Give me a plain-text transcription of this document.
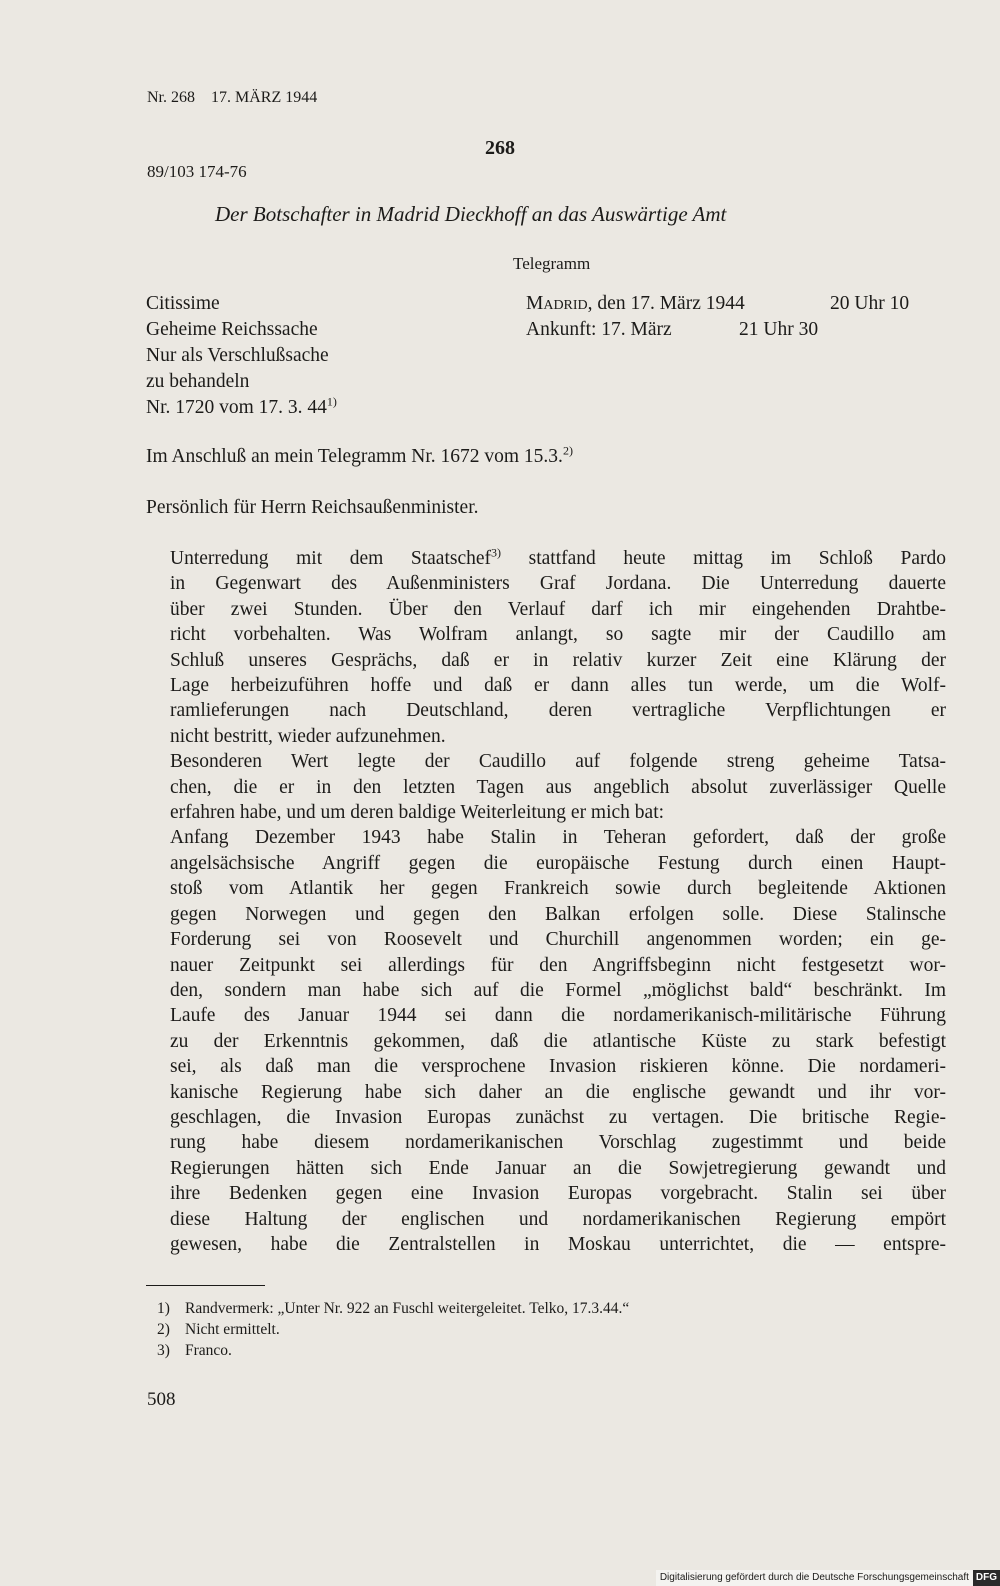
Nr. 268 17. MÄRZ 1944
268
89/103 174-76
Der Botschafter in Madrid Dieckhoff an das Auswärtige Amt
Telegramm
Citissime
Geheime Reichssache
Nur als Verschlußsache
zu behandeln
Nr. 1720 vom 17. 3. 44$^{1)}$
Madrid, den 17. März 1944	20 Uhr 10
Ankunft: 17. März	21 Uhr 30
Im Anschluß an mein Telegramm Nr. 1672 vom 15.3.$^{2)}$
Persönlich für Herrn Reichsaußenminister.

Unterredung mit dem Staatschef$^{3)}$ stattfand heute mittag im Schloß Pardo
in Gegenwart des Außenministers Graf Jordana. Die Unterredung dauerte
über zwei Stunden. Über den Verlauf darf ich mir eingehenden Drahtbe-
richt vorbehalten. Was Wolfram anlangt, so sagte mir der Caudillo am
Schluß unseres Gesprächs, daß er in relativ kurzer Zeit eine Klärung der
Lage herbeizuführen hoffe und daß er dann alles tun werde, um die Wolf-
ramlieferungen nach Deutschland, deren vertragliche Verpflichtungen er
nicht bestritt, wieder aufzunehmen.

Besonderen Wert legte der Caudillo auf folgende streng geheime Tatsa-
chen, die er in den letzten Tagen aus angeblich absolut zuverlässiger Quelle
erfahren habe, und um deren baldige Weiterleitung er mich bat:

Anfang Dezember 1943 habe Stalin in Teheran gefordert, daß der große
angelsächsische Angriff gegen die europäische Festung durch einen Haupt-
stoß vom Atlantik her gegen Frankreich sowie durch begleitende Aktionen
gegen Norwegen und gegen den Balkan erfolgen solle. Diese Stalinsche
Forderung sei von Roosevelt und Churchill angenommen worden; ein ge-
nauer Zeitpunkt sei allerdings für den Angriffsbeginn nicht festgesetzt wor-
den, sondern man habe sich auf die Formel „möglichst bald“ beschränkt. Im
Laufe des Januar 1944 sei dann die nordamerikanisch-militärische Führung
zu der Erkenntnis gekommen, daß die atlantische Küste zu stark befestigt
sei, als daß man die versprochene Invasion riskieren könne. Die nordameri-
kanische Regierung habe sich daher an die englische gewandt und ihr vor-
geschlagen, die Invasion Europas zunächst zu vertagen. Die britische Regie-
rung habe diesem nordamerikanischen Vorschlag zugestimmt und beide
Regierungen hätten sich Ende Januar an die Sowjetregierung gewandt und
ihre Bedenken gegen eine Invasion Europas vorgebracht. Stalin sei über
diese Haltung der englischen und nordamerikanischen Regierung empört
gewesen, habe die Zentralstellen in Moskau unterrichtet, die — entspre-

1) Randvermerk: „Unter Nr. 922 an Fuschl weitergeleitet. Telko, 17.3.44.“
2) Nicht ermittelt.
3) Franco.
508
Digitalisierung gefördert durch die Deutsche Forschungsgemeinschaft DFG
